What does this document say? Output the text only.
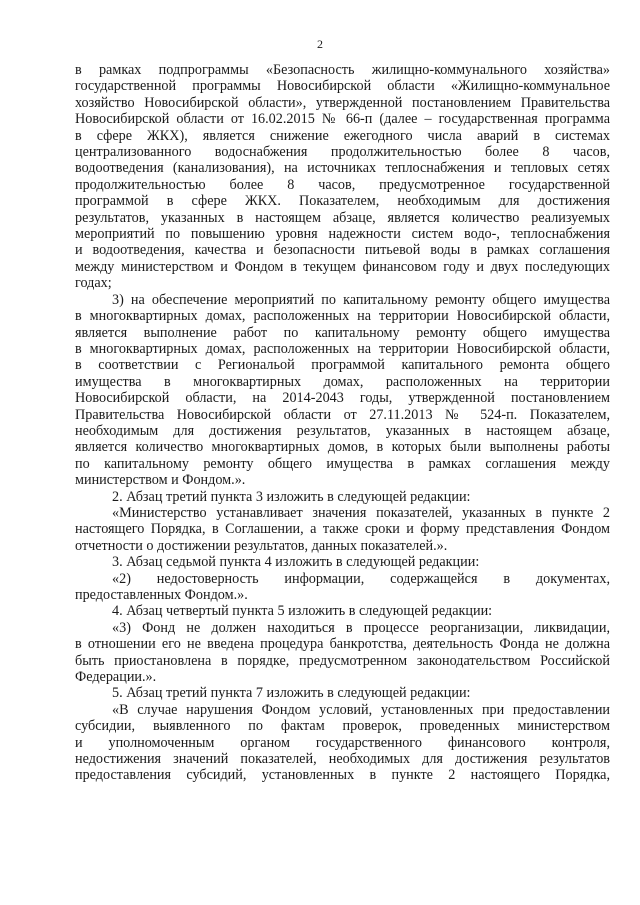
2
в рамках подпрограммы «Безопасность жилищно-коммунального хозяйства»
государственной программы Новосибирской области «Жилищно-коммунальное
хозяйство Новосибирской области», утвержденной постановлением Правительства
Новосибирской области от 16.02.2015 № 66-п (далее – государственная программа
в сфере ЖКХ), является снижение ежегодного числа аварий в системах
централизованного водоснабжения продолжительностью более 8 часов,
водоотведения (канализования), на источниках теплоснабжения и тепловых сетях
продолжительностью более 8 часов, предусмотренное государственной
программой в сфере ЖКХ. Показателем, необходимым для достижения
результатов, указанных в настоящем абзаце, является количество реализуемых
мероприятий по повышению уровня надежности систем водо-, теплоснабжения
и водоотведения, качества и безопасности питьевой воды в рамках соглашения
между министерством и Фондом в текущем финансовом году и двух последующих
годах;
3) на обеспечение мероприятий по капитальному ремонту общего имущества
в многоквартирных домах, расположенных на территории Новосибирской области,
является выполнение работ по капитальному ремонту общего имущества
в многоквартирных домах, расположенных на территории Новосибирской области,
в соответствии с Региональой программой капитального ремонта общего
имущества в многоквартирных домах, расположенных на территории
Новосибирской области, на 2014-2043 годы, утвержденной постановлением
Правительства Новосибирской области от 27.11.2013 № 524-п. Показателем,
необходимым для достижения результатов, указанных в настоящем абзаце,
является количество многоквартирных домов, в которых были выполнены работы
по капитальному ремонту общего имущества в рамках соглашения между
министерством и Фондом.».
2. Абзац третий пункта 3 изложить в следующей редакции:
«Министерство устанавливает значения показателей, указанных в пункте 2
настоящего Порядка, в Соглашении, а также сроки и форму представления Фондом
отчетности о достижении результатов, данных показателей.».
3. Абзац седьмой пункта 4 изложить в следующей редакции:
«2) недостоверность информации, содержащейся в документах,
предоставленных Фондом.».
4. Абзац четвертый пункта 5 изложить в следующей редакции:
«3) Фонд не должен находиться в процессе реорганизации, ликвидации,
в отношении его не введена процедура банкротства, деятельность Фонда не должна
быть приостановлена в порядке, предусмотренном законодательством Российской
Федерации.».
5. Абзац третий пункта 7 изложить в следующей редакции:
«В случае нарушения Фондом условий, установленных при предоставлении
субсидии, выявленного по фактам проверок, проведенных министерством
и уполномоченным органом государственного финансового контроля,
недостижения значений показателей, необходимых для достижения результатов
предоставления субсидий, установленных в пункте 2 настоящего Порядка,
